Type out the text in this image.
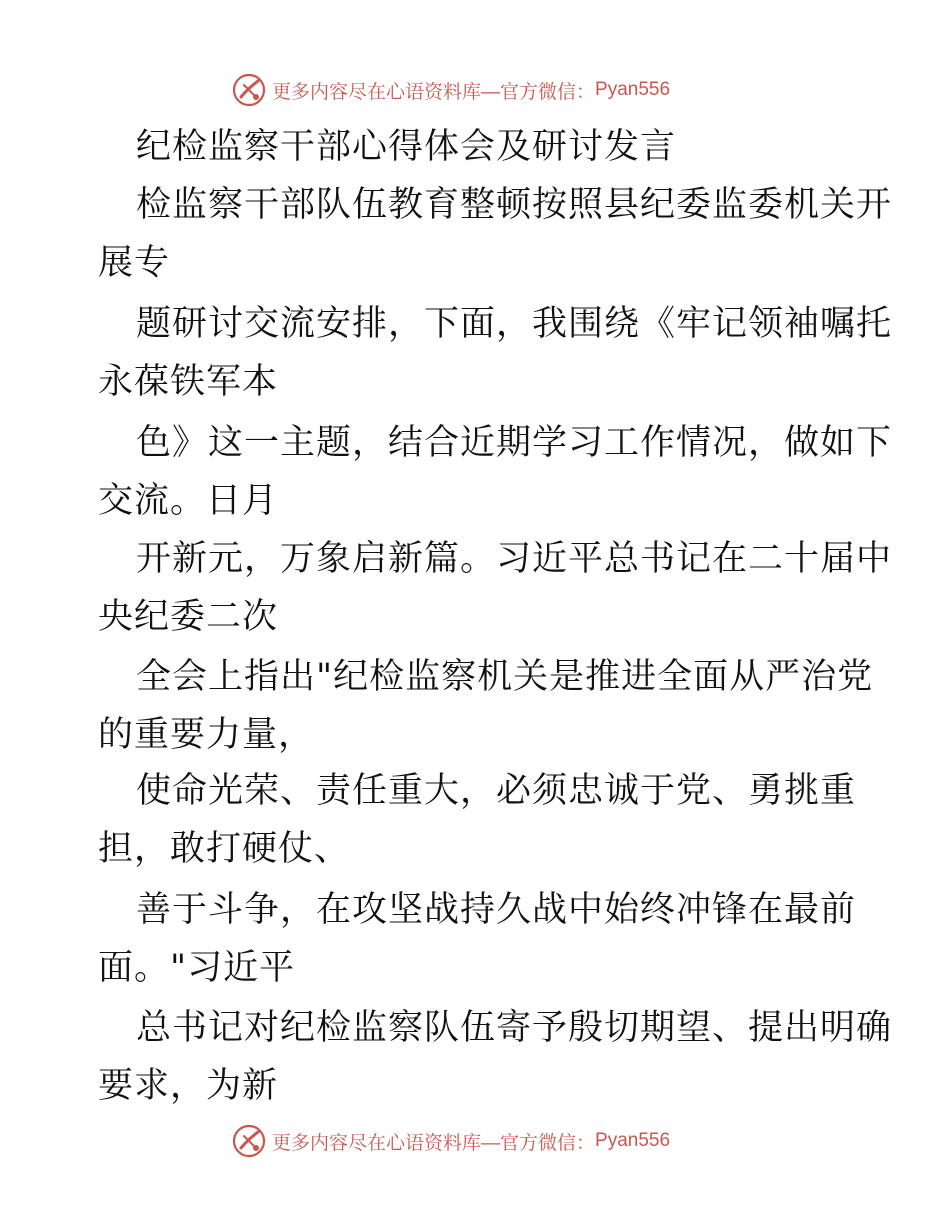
更多内容尽在心语资料库 —官方微信： Pyan556
纪检监察干部心得体会及研讨发言
检监察干部队伍教育整顿按照县纪委监委机关开
展专
题研讨交流安排，下面，我围绕《牢记领袖嘱托
永葆铁军本
色》这一主题，结合近期学习工作情况，做如下
交流。日月
开新元，万象启新篇。习近平总书记在二十届中
央纪委二次
全会上指出"纪检监察机关是推进全面从严治党
的重要力量，
使命光荣、责任重大，必须忠诚于党、勇挑重
担，敢打硬仗、
善于斗争，在攻坚战持久战中始终冲锋在最前
面。"习近平
总书记对纪检监察队伍寄予殷切期望、提出明确
要求，为新
更多内容尽在心语资料库 —官方微信： Pyan556
